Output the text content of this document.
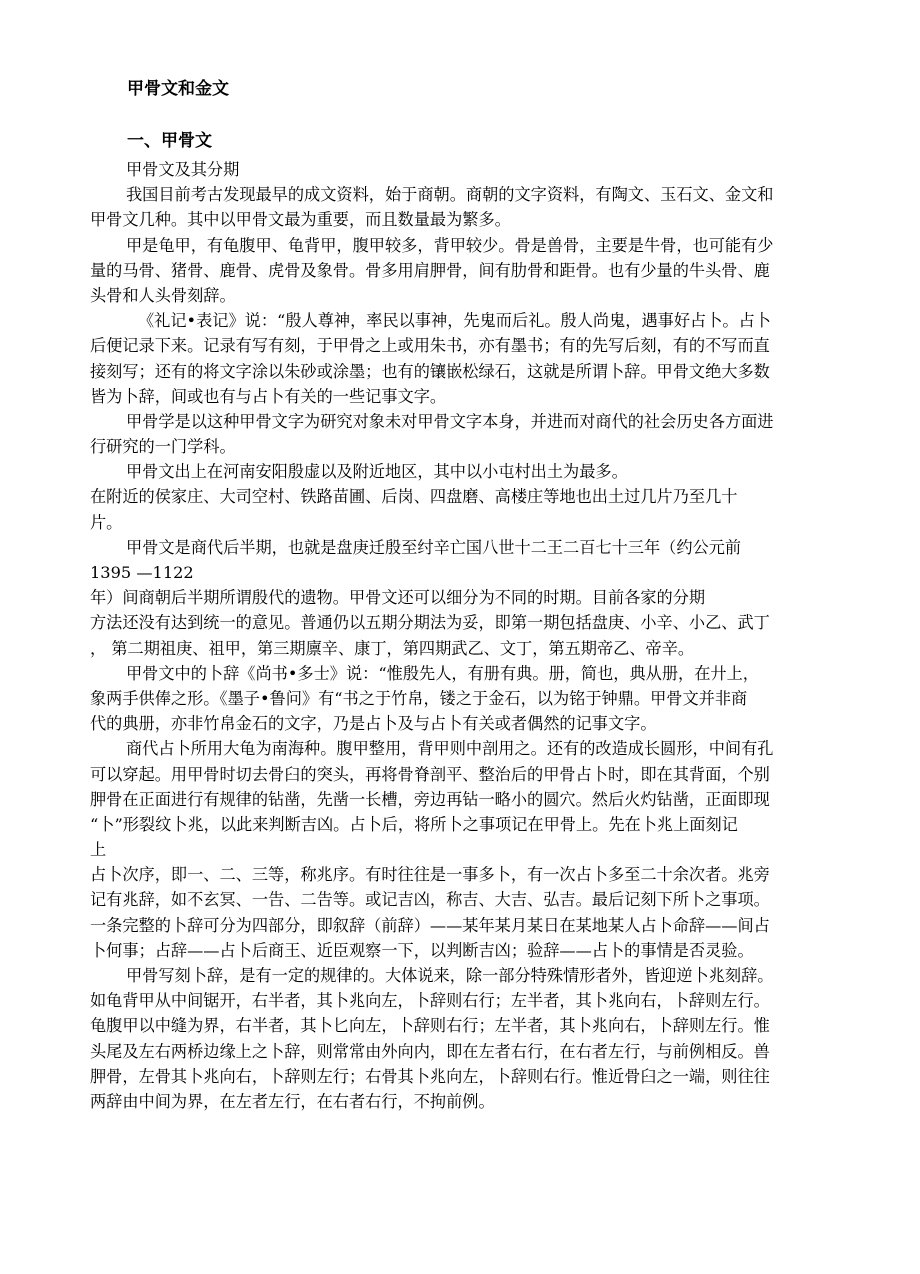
甲骨文和金文
一、甲骨文
甲骨文及其分期
我国目前考古发现最早的成文资料，始于商朝。商朝的文字资料，有陶文、玉石文、金文和
甲骨文几种。其中以甲骨文最为重要，而且数量最为繁多。
甲是龟甲，有龟腹甲、龟背甲，腹甲较多，背甲较少。骨是兽骨，主要是牛骨，也可能有少
量的马骨、猪骨、鹿骨、虎骨及象骨。骨多用肩胛骨，间有肋骨和距骨。也有少量的牛头骨、鹿
头骨和人头骨刻辞。
《礼记•表记》说：“殷人尊神，率民以事神，先鬼而后礼。殷人尚鬼，遇事好占卜。占卜
后便记录下来。记录有写有刻，于甲骨之上或用朱书，亦有墨书；有的先写后刻，有的不写而直
接刻写；还有的将文字涂以朱砂或涂墨；也有的镶嵌松绿石，这就是所谓卜辞。甲骨文绝大多数
皆为卜辞，间或也有与占卜有关的一些记事文字。
甲骨学是以这种甲骨文字为研究对象未对甲骨文字本身，并进而对商代的社会历史各方面进
行研究的一门学科。
甲骨文出上在河南安阳殷虚以及附近地区，其中以小屯村出土为最多。
在附近的侯家庄、大司空村、铁路苗圃、后岗、四盘磨、高楼庄等地也出土过几片乃至几十
片。
甲骨文是商代后半期，也就是盘庚迁殷至纣辛亡国八世十二王二百七十三年（约公元前
1395 —1122
年）间商朝后半期所谓殷代的遗物。甲骨文还可以细分为不同的时期。目前各家的分期
方法还没有达到统一的意见。普通仍以五期分期法为妥，即第一期包括盘庚、小辛、小乙、武丁
， 第二期祖庚、祖甲，第三期廪辛、康丁，第四期武乙、文丁，第五期帝乙、帝辛。
甲骨文中的卜辞《尚书•多士》说：“惟殷先人，有册有典。册，简也，典从册，在廾上，
象两手供俸之形。《墨子•鲁问》有“书之于竹帛，镂之于金石，以为铭于钟鼎。甲骨文并非商
代的典册，亦非竹帛金石的文字，乃是占卜及与占卜有关或者偶然的记事文字。
商代占卜所用大龟为南海种。腹甲整用，背甲则中剖用之。还有的改造成长圆形，中间有孔
可以穿起。用甲骨时切去骨臼的突头，再将骨脊剖平、整治后的甲骨占卜时，即在其背面，个别
胛骨在正面进行有规律的钻凿，先凿一长槽，旁边再钻一略小的圆穴。然后火灼钻凿，正面即现
“卜”形裂纹卜兆，以此来判断吉凶。占卜后，将所卜之事项记在甲骨上。先在卜兆上面刻记
上
占卜次序，即一、二、三等，称兆序。有时往往是一事多卜，有一次占卜多至二十余次者。兆旁
记有兆辞，如不玄冥、一告、二告等。或记吉凶，称吉、大吉、弘吉。最后记刻下所卜之事项。
一条完整的卜辞可分为四部分，即叙辞（前辞）——某年某月某日在某地某人占卜命辞——间占
卜何事；占辞——占卜后商王、近臣观察一下，以判断吉凶；验辞——占卜的事情是否灵验。
甲骨写刻卜辞，是有一定的规律的。大体说来，除一部分特殊情形者外，皆迎逆卜兆刻辞。
如龟背甲从中间锯开，右半者，其卜兆向左，卜辞则右行；左半者，其卜兆向右，卜辞则左行。
龟腹甲以中缝为界，右半者，其卜匕向左，卜辞则右行；左半者，其卜兆向右，卜辞则左行。惟
头尾及左右两桥边缘上之卜辞，则常常由外向内，即在左者右行，在右者左行，与前例相反。兽
胛骨，左骨其卜兆向右，卜辞则左行；右骨其卜兆向左，卜辞则右行。惟近骨臼之一端，则往往
两辞由中间为界，在左者左行，在右者右行，不拘前例。
